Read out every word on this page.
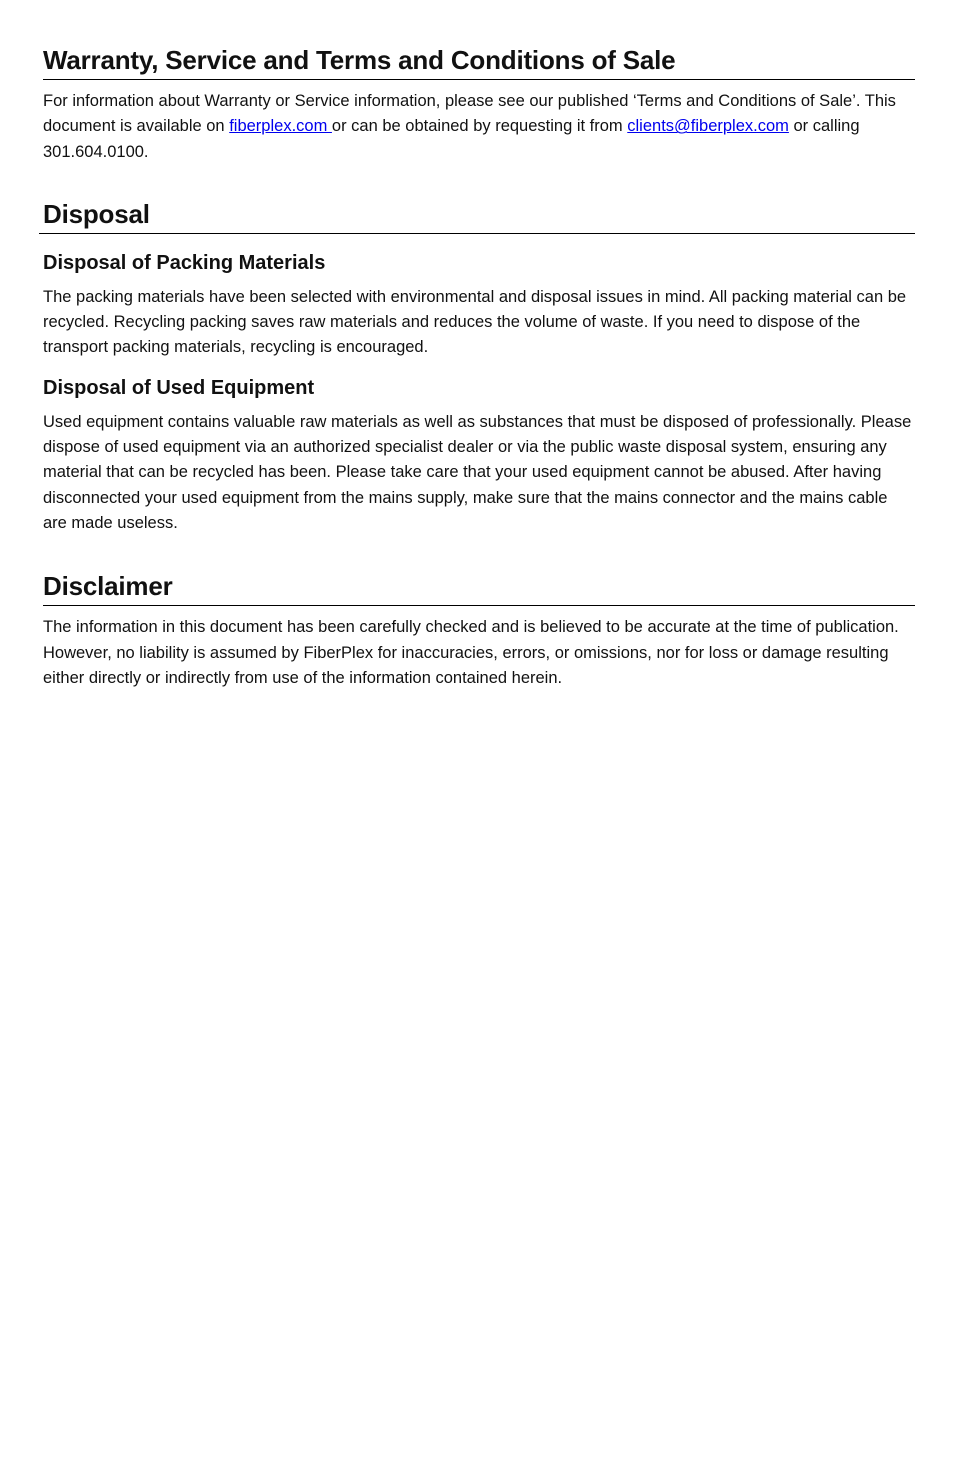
Warranty, Service and Terms and Conditions of Sale

For information about Warranty or Service information, please see our published ‘Terms and Conditions of Sale’. This document is available on fiberplex.com or can be obtained by requesting it from clients@fiberplex.com or calling 301.604.0100.

Disposal
Disposal of Packing Materials

The packing materials have been selected with environmental and disposal issues in mind. All packing material can be recycled. Recycling packing saves raw materials and reduces the volume of waste. If you need to dispose of the transport packing materials, recycling is encouraged.

Disposal of Used Equipment

Used equipment contains valuable raw materials as well as substances that must be disposed of professionally. Please dispose of used equipment via an authorized specialist dealer or via the public waste disposal system, ensuring any material that can be recycled has been. Please take care that your used equipment cannot be abused. After having disconnected your used equipment from the mains supply, make sure that the mains connector and the mains cable are made useless.

Disclaimer

The information in this document has been carefully checked and is believed to be accurate at the time of publication. However, no liability is assumed by FiberPlex for inaccuracies, errors, or omissions, nor for loss or damage resulting either directly or indirectly from use of the information contained herein.
